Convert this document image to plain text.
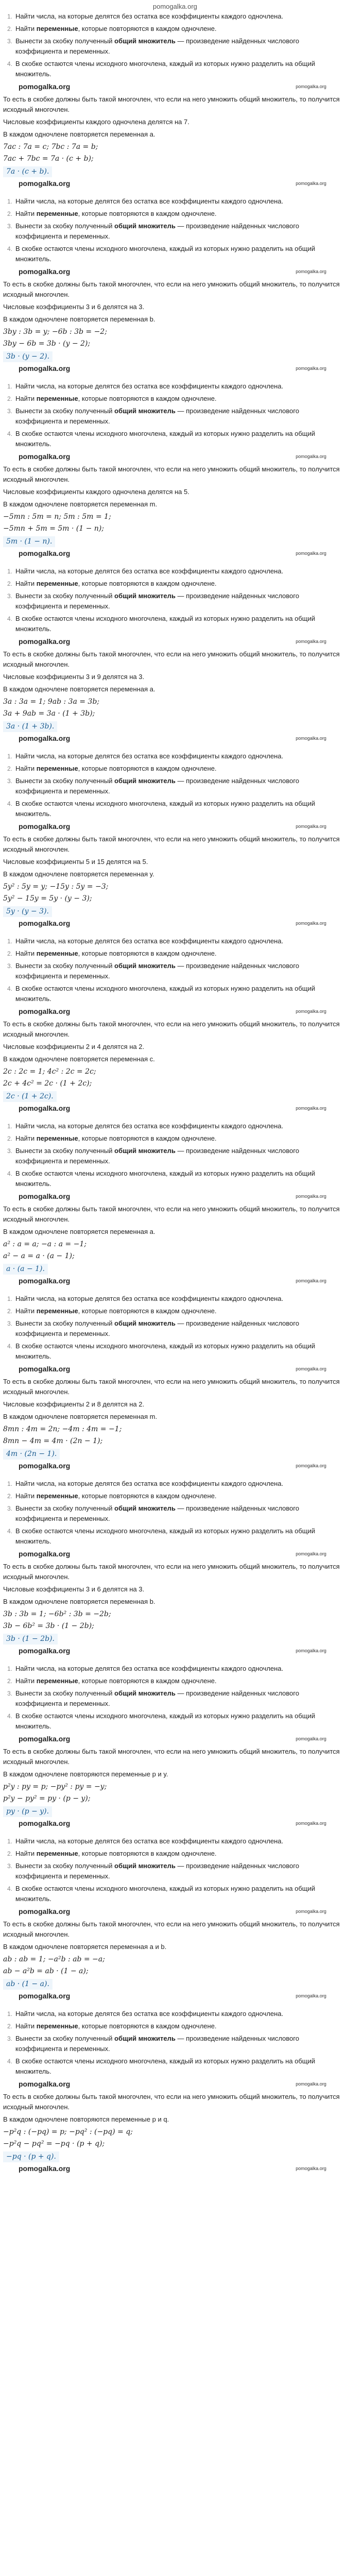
pomogalka.org
1. Найти числа, на которые делятся без остатка все коэффициенты каждого одночлена.
2. Найти переменные, которые повторяются в каждом одночлене.
3. Вынести за скобку полученный общий множитель — произведение найденных числового коэффициента и переменных.
4. В скобке остаются члены исходного многочлена, каждый из которых нужно разделить на общий множитель.
pomogalka.org	pomogalka.org

То есть в скобке должны быть такой многочлен, что если на него умножить общий множитель, то получится исходный многочлен.

Числовые коэффициенты каждого одночлена делятся на 7.

В каждом одночлене повторяется переменная a.

7ac : 7a = c; 7bc : 7a = b;
7ac + 7bc = 7a · (c + b);
7a · (c + b).
pomogalka.org	pomogalka.org
1. Найти числа, на которые делятся без остатка все коэффициенты каждого одночлена.
2. Найти переменные, которые повторяются в каждом одночлене.
3. Вынести за скобку полученный общий множитель — произведение найденных числового коэффициента и переменных.
4. В скобке остаются члены исходного многочлена, каждый из которых нужно разделить на общий множитель.
pomogalka.org	pomogalka.org

То есть в скобке должны быть такой многочлен, что если на него умножить общий множитель, то получится исходный многочлен.

Числовые коэффициенты 3 и 6 делятся на 3.

В каждом одночлене повторяется переменная b.

3by : 3b = y; −6b : 3b = −2;
3by − 6b = 3b · (y − 2);
3b · (y − 2).
pomogalka.org	pomogalka.org
1. Найти числа, на которые делятся без остатка все коэффициенты каждого одночлена.
2. Найти переменные, которые повторяются в каждом одночлене.
3. Вынести за скобку полученный общий множитель — произведение найденных числового коэффициента и переменных.
4. В скобке остаются члены исходного многочлена, каждый из которых нужно разделить на общий множитель.
pomogalka.org	pomogalka.org

То есть в скобке должны быть такой многочлен, что если на него умножить общий множитель, то получится исходный многочлен.

Числовые коэффициенты каждого одночлена делятся на 5.

В каждом одночлене повторяется переменная m.

−5mn : 5m = n; 5m : 5m = 1;
−5mn + 5m = 5m · (1 − n);
5m · (1 − n).
pomogalka.org	pomogalka.org
1. Найти числа, на которые делятся без остатка все коэффициенты каждого одночлена.
2. Найти переменные, которые повторяются в каждом одночлене.
3. Вынести за скобку полученный общий множитель — произведение найденных числового коэффициента и переменных.
4. В скобке остаются члены исходного многочлена, каждый из которых нужно разделить на общий множитель.
pomogalka.org	pomogalka.org

То есть в скобке должны быть такой многочлен, что если на него умножить общий множитель, то получится исходный многочлен.

Числовые коэффициенты 3 и 9 делятся на 3.

В каждом одночлене повторяется переменная a.

3a : 3a = 1; 9ab : 3a = 3b;
3a + 9ab = 3a · (1 + 3b);
3a · (1 + 3b).
pomogalka.org	pomogalka.org
1. Найти числа, на которые делятся без остатка все коэффициенты каждого одночлена.
2. Найти переменные, которые повторяются в каждом одночлене.
3. Вынести за скобку полученный общий множитель — произведение найденных числового коэффициента и переменных.
4. В скобке остаются члены исходного многочлена, каждый из которых нужно разделить на общий множитель.
pomogalka.org	pomogalka.org

То есть в скобке должны быть такой многочлен, что если на него умножить общий множитель, то получится исходный многочлен.

Числовые коэффициенты 5 и 15 делятся на 5.

В каждом одночлене повторяется переменная y.

5y² : 5y = y; −15y : 5y = −3;
5y² − 15y = 5y · (y − 3);
5y · (y − 3).
pomogalka.org	pomogalka.org
1. Найти числа, на которые делятся без остатка все коэффициенты каждого одночлена.
2. Найти переменные, которые повторяются в каждом одночлене.
3. Вынести за скобку полученный общий множитель — произведение найденных числового коэффициента и переменных.
4. В скобке остаются члены исходного многочлена, каждый из которых нужно разделить на общий множитель.
pomogalka.org	pomogalka.org

То есть в скобке должны быть такой многочлен, что если на него умножить общий множитель, то получится исходный многочлен.

Числовые коэффициенты 2 и 4 делятся на 2.

В каждом одночлене повторяется переменная c.

2c : 2c = 1; 4c² : 2c = 2c;
2c + 4c² = 2c · (1 + 2c);
2c · (1 + 2c).
pomogalka.org	pomogalka.org
1. Найти числа, на которые делятся без остатка все коэффициенты каждого одночлена.
2. Найти переменные, которые повторяются в каждом одночлене.
3. Вынести за скобку полученный общий множитель — произведение найденных числового коэффициента и переменных.
4. В скобке остаются члены исходного многочлена, каждый из которых нужно разделить на общий множитель.
pomogalka.org	pomogalka.org

То есть в скобке должны быть такой многочлен, что если на него умножить общий множитель, то получится исходный многочлен.

В каждом одночлене повторяется переменная a.

a² : a = a; −a : a = −1;
a² − a = a · (a − 1);
a · (a − 1).
pomogalka.org	pomogalka.org
1. Найти числа, на которые делятся без остатка все коэффициенты каждого одночлена.
2. Найти переменные, которые повторяются в каждом одночлене.
3. Вынести за скобку полученный общий множитель — произведение найденных числового коэффициента и переменных.
4. В скобке остаются члены исходного многочлена, каждый из которых нужно разделить на общий множитель.
pomogalka.org	pomogalka.org

То есть в скобке должны быть такой многочлен, что если на него умножить общий множитель, то получится исходный многочлен.

Числовые коэффициенты 2 и 8 делятся на 2.

В каждом одночлене повторяется переменная m.

8mn : 4m = 2n; −4m : 4m = −1;
8mn − 4m = 4m · (2n − 1);
4m · (2n − 1).
pomogalka.org	pomogalka.org
1. Найти числа, на которые делятся без остатка все коэффициенты каждого одночлена.
2. Найти переменные, которые повторяются в каждом одночлене.
3. Вынести за скобку полученный общий множитель — произведение найденных числового коэффициента и переменных.
4. В скобке остаются члены исходного многочлена, каждый из которых нужно разделить на общий множитель.
pomogalka.org	pomogalka.org

То есть в скобке должны быть такой многочлен, что если на него умножить общий множитель, то получится исходный многочлен.

Числовые коэффициенты 3 и 6 делятся на 3.

В каждом одночлене повторяется переменная b.

3b : 3b = 1; −6b² : 3b = −2b;
3b − 6b² = 3b · (1 − 2b);
3b · (1 − 2b).
pomogalka.org	pomogalka.org
1. Найти числа, на которые делятся без остатка все коэффициенты каждого одночлена.
2. Найти переменные, которые повторяются в каждом одночлене.
3. Вынести за скобку полученный общий множитель — произведение найденных числового коэффициента и переменных.
4. В скобке остаются члены исходного многочлена, каждый из которых нужно разделить на общий множитель.
pomogalka.org	pomogalka.org

То есть в скобке должны быть такой многочлен, что если на него умножить общий множитель, то получится исходный многочлен.

В каждом одночлене повторяются переменные p и y.

p²y : py = p; −py² : py = −y;
p²y − py² = py · (p − y);
py · (p − y).
pomogalka.org	pomogalka.org
1. Найти числа, на которые делятся без остатка все коэффициенты каждого одночлена.
2. Найти переменные, которые повторяются в каждом одночлене.
3. Вынести за скобку полученный общий множитель — произведение найденных числового коэффициента и переменных.
4. В скобке остаются члены исходного многочлена, каждый из которых нужно разделить на общий множитель.
pomogalka.org	pomogalka.org

То есть в скобке должны быть такой многочлен, что если на него умножить общий множитель, то получится исходный многочлен.

В каждом одночлене повторяется переменная a и b.

ab : ab = 1; −a²b : ab = −a;
ab − a²b = ab · (1 − a);
ab · (1 − a).
pomogalka.org	pomogalka.org
1. Найти числа, на которые делятся без остатка все коэффициенты каждого одночлена.
2. Найти переменные, которые повторяются в каждом одночлене.
3. Вынести за скобку полученный общий множитель — произведение найденных числового коэффициента и переменных.
4. В скобке остаются члены исходного многочлена, каждый из которых нужно разделить на общий множитель.
pomogalka.org	pomogalka.org

То есть в скобке должны быть такой многочлен, что если на него умножить общий множитель, то получится исходный многочлен.

В каждом одночлене повторяются переменные p и q.

−p²q : (−pq) = p; −pq² : (−pq) = q;
−p²q − pq² = −pq · (p + q);
−pq · (p + q).
pomogalka.org	pomogalka.org
